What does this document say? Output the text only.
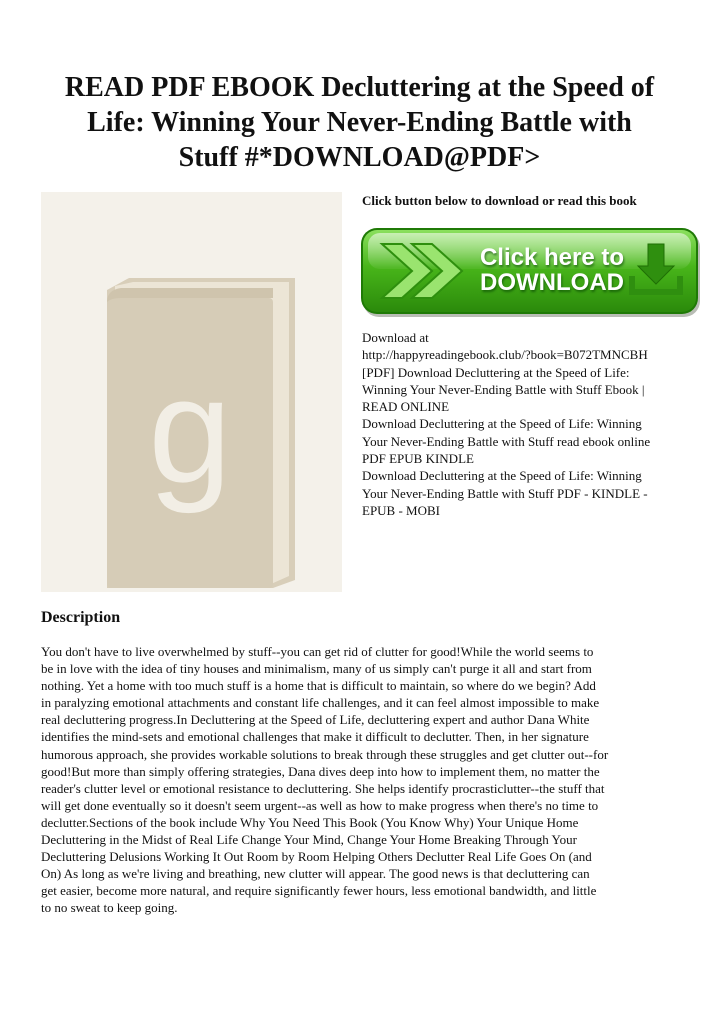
READ PDF EBOOK Decluttering at the Speed of
Life: Winning Your Never-Ending Battle with
Stuff #*DOWNLOAD@PDF>
g
Click button below to download or read this book
Click here to
DOWNLOAD
Download at
http://happyreadingebook.club/?book=B072TMNCBH
[PDF] Download Decluttering at the Speed of Life:
Winning Your Never-Ending Battle with Stuff Ebook |
READ ONLINE
Download Decluttering at the Speed of Life: Winning
Your Never-Ending Battle with Stuff read ebook online
PDF EPUB KINDLE
Download Decluttering at the Speed of Life: Winning
Your Never-Ending Battle with Stuff PDF - KINDLE -
EPUB - MOBI
Description

You don't have to live overwhelmed by stuff--you can get rid of clutter for good!While the world seems to
be in love with the idea of tiny houses and minimalism, many of us simply can't purge it all and start from
nothing. Yet a home with too much stuff is a home that is difficult to maintain, so where do we begin? Add
in paralyzing emotional attachments and constant life challenges, and it can feel almost impossible to make
real decluttering progress.In Decluttering at the Speed of Life, decluttering expert and author Dana White
identifies the mind-sets and emotional challenges that make it difficult to declutter. Then, in her signature
humorous approach, she provides workable solutions to break through these struggles and get clutter out--for
good!But more than simply offering strategies, Dana dives deep into how to implement them, no matter the
reader's clutter level or emotional resistance to decluttering. She helps identify procrasticlutter--the stuff that
will get done eventually so it doesn't seem urgent--as well as how to make progress when there's no time to
declutter.Sections of the book include Why You Need This Book (You Know Why) Your Unique Home
Decluttering in the Midst of Real Life Change Your Mind, Change Your Home Breaking Through Your
Decluttering Delusions Working It Out Room by Room Helping Others Declutter Real Life Goes On (and
On) As long as we're living and breathing, new clutter will appear. The good news is that decluttering can
get easier, become more natural, and require significantly fewer hours, less emotional bandwidth, and little
to no sweat to keep going.
